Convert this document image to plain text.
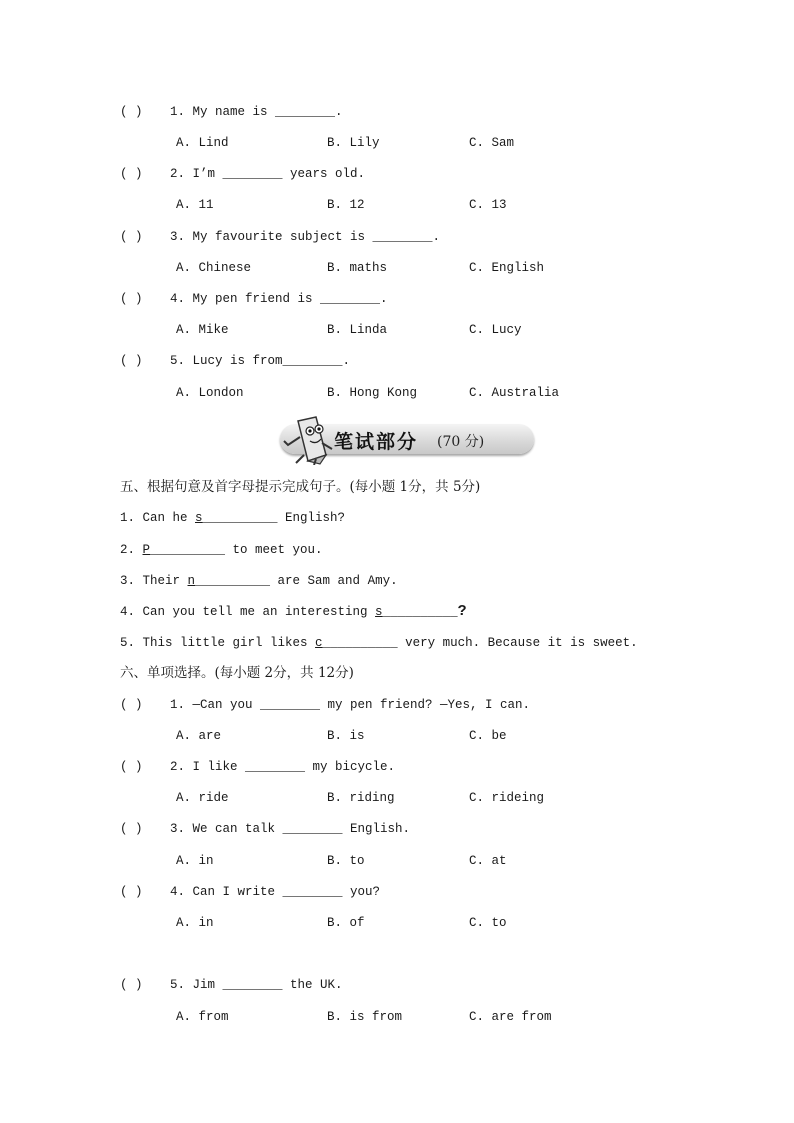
( ) 1. My name is ________.
A. Lind	B. Lily	C. Sam
( ) 2. I’m ________ years old.
A. 11	B. 12	C. 13
( ) 3. My favourite subject is ________.
A. Chinese	B. maths	C. English
( ) 4. My pen friend is ________.
A. Mike	B. Linda	C. Lucy
( ) 5. Lucy is from________.
A. London	B. Hong Kong	C. Australia
笔试部分 (70 分)
五、根据句意及首字母提示完成句子。(每小题 1分，共 5分)
1. Can he s__________ English?
2. P__________ to meet you.
3. Their n__________ are Sam and Amy.
4. Can you tell me an interesting s__________?
5. This little girl likes c__________ very much. Because it is sweet.
六、单项选择。(每小题 2分，共 12分)
( ) 1. —Can you ________ my pen friend? —Yes, I can.
A. are	B. is	C. be
( ) 2. I like ________ my bicycle.
A. ride	B. riding	C. rideing
( ) 3. We can talk ________ English.
A. in	B. to	C. at
( ) 4. Can I write ________ you?
A. in	B. of	C. to
( ) 5. Jim ________ the UK.
A. from	B. is from	C. are from
